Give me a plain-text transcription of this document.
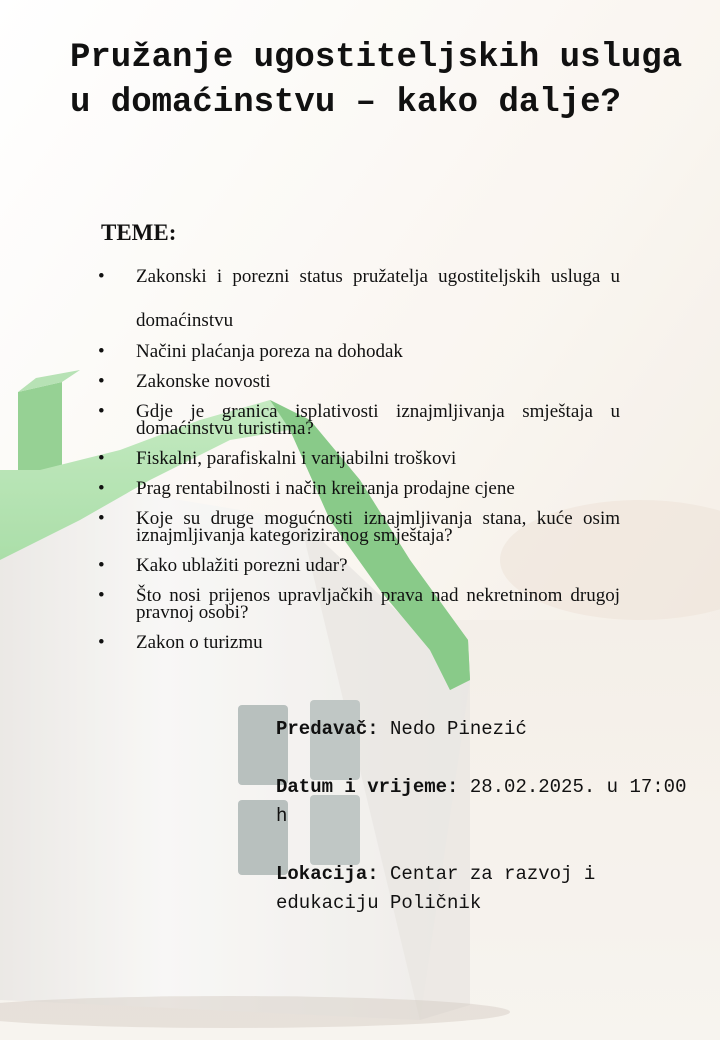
Pružanje ugostiteljskih usluga u domaćinstvu – kako dalje?

TEME:

• Zakonski i porezni status pružatelja ugostiteljskih usluga u domaćinstvu
• Načini plaćanja poreza na dohodak
• Zakonske novosti
• Gdje je granica isplativosti iznajmljivanja smještaja u domaćinstvu turistima?
• Fiskalni, parafiskalni i varijabilni troškovi
• Prag rentabilnosti i način kreiranja prodajne cjene
• Koje su druge mogućnosti iznajmljivanja stana, kuće osim iznajmljivanja kategoriziranog smještaja?
• Kako ublažiti porezni udar?
• Što nosi prijenos upravljačkih prava nad nekretninom drugoj pravnoj osobi?
• Zakon o turizmu

Predavač: Nedo Pinezić

Datum i vrijeme: 28.02.2025. u 17:00 h

Lokacija: Centar za razvoj i edukaciju Poličnik
